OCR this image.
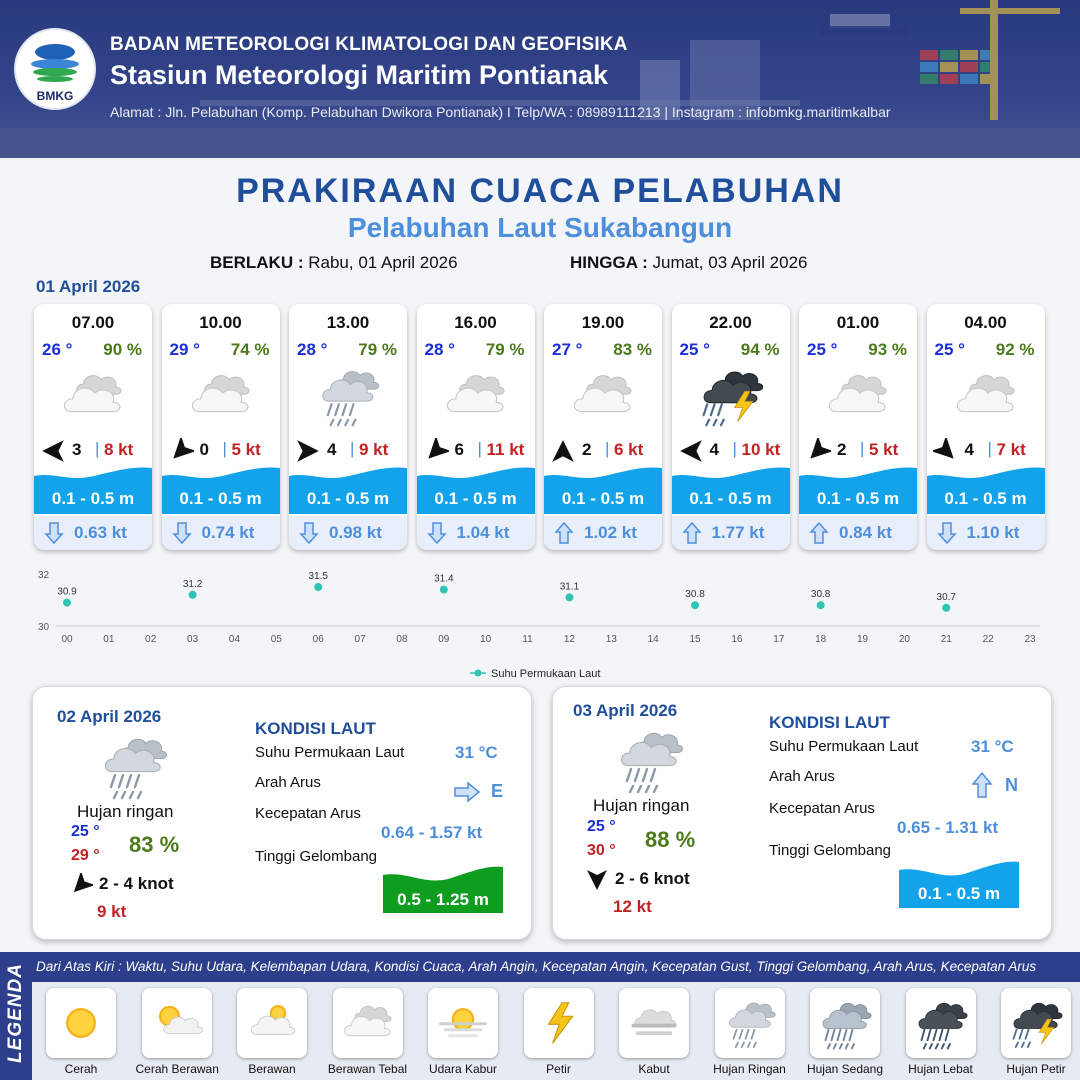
BMKG
BADAN METEOROLOGI KLIMATOLOGI DAN GEOFISIKA
Stasiun Meteorologi Maritim Pontianak
Alamat : Jln. Pelabuhan (Komp. Pelabuhan Dwikora Pontianak) I Telp/WA : 08989111213 | Instagram : infobmkg.maritimkalbar
PRAKIRAAN CUACA PELABUHAN
Pelabuhan Laut Sukabangun
BERLAKU : Rabu, 01 April 2026	HINGGA : Jumat, 03 April 2026
01 April 2026
07.00
26 ° 90 %
3 | 8 kt
0.1 - 0.5 m
0.63 kt
10.00
29 ° 74 %
0 | 5 kt
0.1 - 0.5 m
0.74 kt
13.00
28 ° 79 %
4 | 9 kt
0.1 - 0.5 m
0.98 kt
16.00
28 ° 79 %
6 | 11 kt
0.1 - 0.5 m
1.04 kt
19.00
27 ° 83 %
2 | 6 kt
0.1 - 0.5 m
1.02 kt
22.00
25 ° 94 %
4 | 10 kt
0.1 - 0.5 m
1.77 kt
01.00
25 ° 93 %
2 | 5 kt
0.1 - 0.5 m
0.84 kt
04.00
25 ° 92 %
4 | 7 kt
0.1 - 0.5 m
1.10 kt
32
30
00	01	02	03	04	05	06	07	08	09	10	11	12	13	14	15	16	17	18	19	20	21	22	23
30.9
31.2
31.5	31.4
31.1
30.8	30.8	30.7
Suhu Permukaan Laut
02 April 2026
Hujan ringan
25 °
29 ° 83 %
2 - 4 knot
9 kt
KONDISI LAUT
Suhu Permukaan Laut	31 °C
Arah Arus	E
Kecepatan Arus
0.64 - 1.57 kt
Tinggi Gelombang
0.5 - 1.25 m
03 April 2026
Hujan ringan
25 °
30 ° 88 %
2 - 6 knot
12 kt
KONDISI LAUT
Suhu Permukaan Laut	31 °C
Arah Arus	N
Kecepatan Arus
0.65 - 1.31 kt
Tinggi Gelombang
0.1 - 0.5 m
LEGENDA Dari Atas Kiri : Waktu, Suhu Udara, Kelembapan Udara, Kondisi Cuaca, Arah Angin, Kecepatan Angin, Kecepatan Gust, Tinggi Gelombang, Arah Arus, Kecepatan Arus
Cerah	Cerah Berawan	Berawan	Berawan Tebal	Udara Kabur	Petir	Kabut	Hujan Ringan	Hujan Sedang	Hujan Lebat	Hujan Petir
